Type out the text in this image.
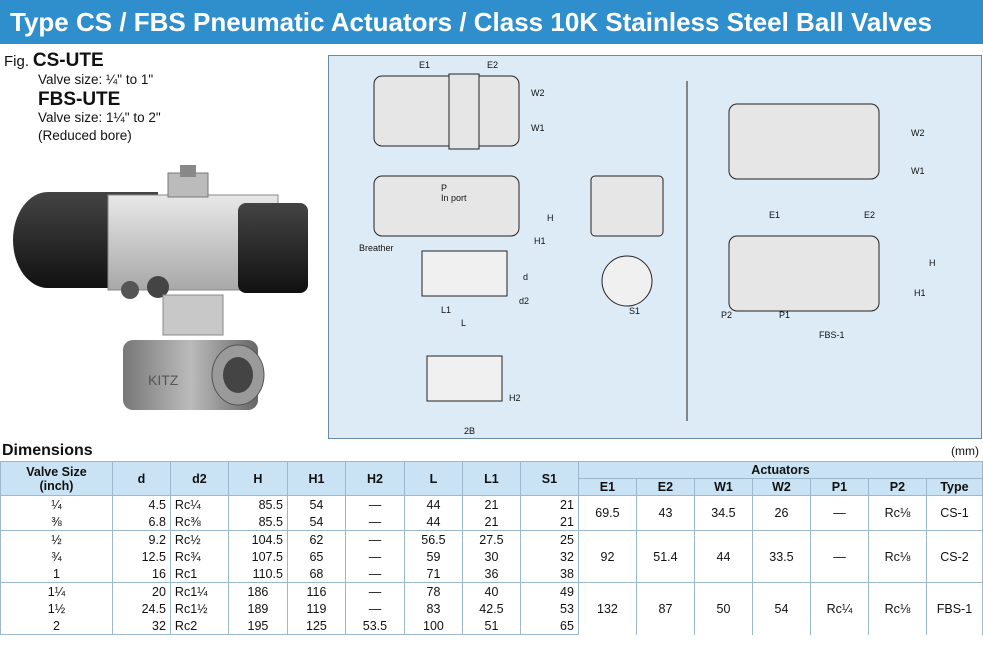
Type CS / FBS Pneumatic Actuators / Class 10K Stainless Steel Ball Valves
Fig. CS-UTE
Valve size: ¼" to 1"
FBS-UTE
Valve size: 1¼" to 2"
(Reduced bore)
KITZ
E1	E2
W2
W1
P
In port
Breather
H
H1
d
d2
L1
L
S1
H2
2B
W2
W1
E1	E2
H
H1
P2	P1
FBS-1
Dimensions	(mm)
Valve Size
(inch)	d	d2	H	H1	H2	L	L1	S1	Actuators						
									E1	E2	W1	W2	P1	P2	Type
¼	4.5	Rc¼	85.5	54	—	44	21	21	69.5	43	34.5	26	—	Rc⅛	CS-1
⅜	6.8	Rc⅜	85.5	54	—	44	21	21							
½	9.2	Rc½	104.5	62	—	56.5	27.5	25	92	51.4	44	33.5	—	Rc⅛	CS-2
¾	12.5	Rc¾	107.5	65	—	59	30	32							
1	16	Rc1	110.5	68	—	71	36	38							
1¼	20	Rc1¼	186	116	—	78	40	49	132	87	50	54	Rc¼	Rc⅛	FBS-1
1½	24.5	Rc1½	189	119	—	83	42.5	53							
2	32	Rc2	195	125	53.5	100	51	65							
